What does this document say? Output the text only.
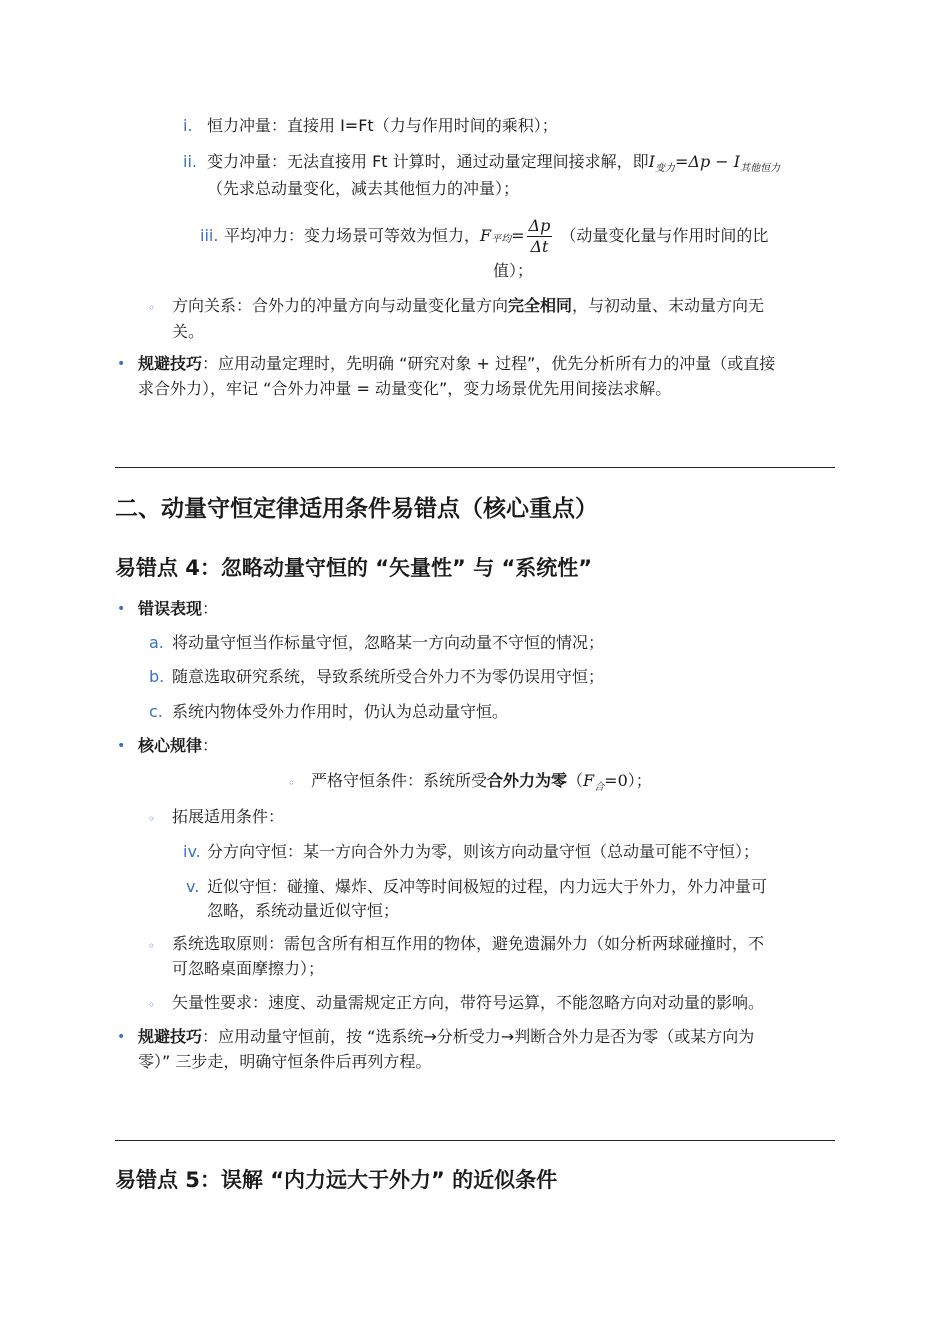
i. 恒力冲量：直接用 I=Ft（力与作用时间的乘积）；
ii. 变力冲量：无法直接用 Ft 计算时，通过动量定理间接求解，即$I_{变力}=\Delta p - I_{其他恒力}$
（先求总动量变化，减去其他恒力的冲量）；
iii. 平均冲力：变力场景可等效为恒力， F 平均 = $\frac{\Delta p}{\Delta t}$ （动量变化量与作用时间的比
值）；
◦ 方向关系：合外力的冲量方向与动量变化量方向完全相同，与初动量、末动量方向无
关。
• 规避技巧：应用动量定理时，先明确 “研究对象 + 过程”，优先分析所有力的冲量（或直接
求合外力），牢记 “合外力冲量 = 动量变化”，变力场景优先用间接法求解。
二、动量守恒定律适用条件易错点（核心重点）
易错点 4：忽略动量守恒的 “矢量性” 与 “系统性”
• 错误表现：
a. 将动量守恒当作标量守恒，忽略某一方向动量不守恒的情况；
b. 随意选取研究系统，导致系统所受合外力不为零仍误用守恒；
c. 系统内物体受外力作用时，仍认为总动量守恒。
• 核心规律：
◦ 严格守恒条件：系统所受合外力为零$(F_合=0)$；
◦ 拓展适用条件：
iv. 分方向守恒：某一方向合外力为零，则该方向动量守恒（总动量可能不守恒）；
v. 近似守恒：碰撞、爆炸、反冲等时间极短的过程，内力远大于外力，外力冲量可
忽略，系统动量近似守恒；
◦ 系统选取原则：需包含所有相互作用的物体，避免遗漏外力（如分析两球碰撞时，不
可忽略桌面摩擦力）；
◦ 矢量性要求：速度、动量需规定正方向，带符号运算，不能忽略方向对动量的影响。
• 规避技巧：应用动量守恒前，按 “选系统→分析受力→判断合外力是否为零（或某方向为
零）” 三步走，明确守恒条件后再列方程。
易错点 5：误解 “内力远大于外力” 的近似条件
